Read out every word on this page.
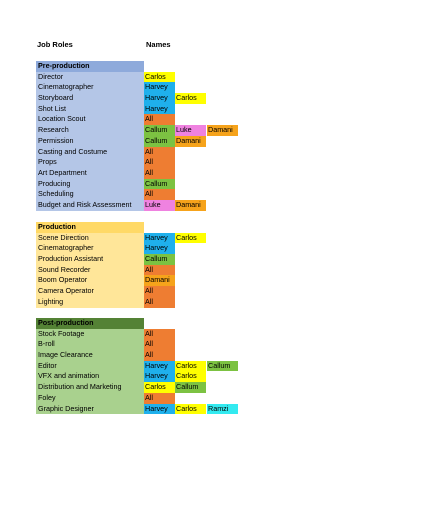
Job Roles	Names
Pre-production
Director	Carlos
Cinematographer	Harvey
Storyboard	Harvey	Carlos
Shot List	Harvey
Location Scout	All
Research	Callum	Luke	Damani
Permission	Callum	Damani
Casting and Costume	All
Props	All
Art Department	All
Producing	Callum
Scheduling	All
Budget and Risk Assessment	Luke	Damani
Production
Scene Direction	Harvey	Carlos
Cinematographer	Harvey
Production Assistant	Callum
Sound Recorder	All
Boom Operator	Damani
Camera Operator	All
Lighting	All
Post-production
Stock Footage	All
B-roll	All
Image Clearance	All
Editor	Harvey	Carlos	Callum
VFX and animation	Harvey	Carlos
Distribution and Marketing	Carlos	Callum
Foley	All
Graphic Designer	Harvey	Carlos	Ramzi
